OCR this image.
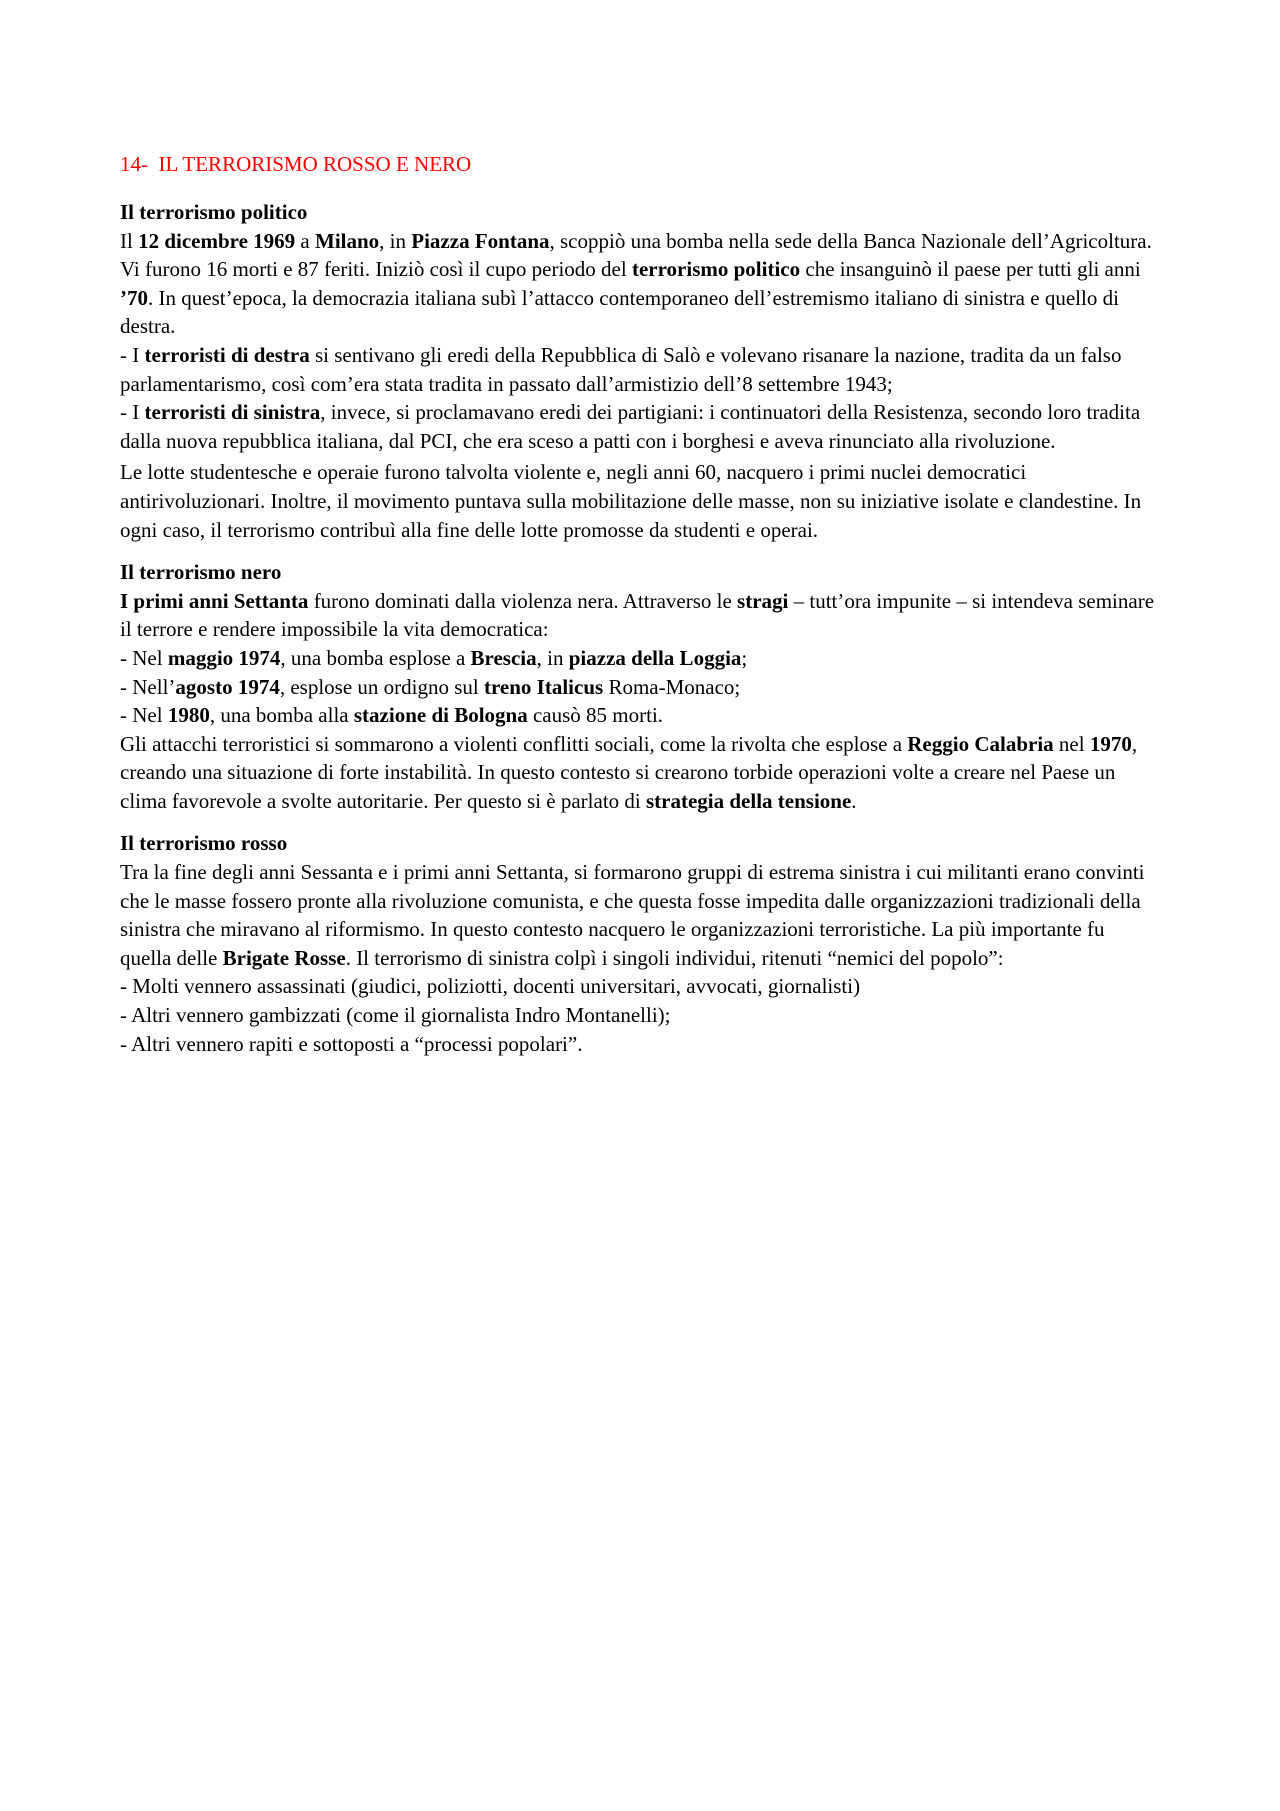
14-  IL TERRORISMO ROSSO E NERO
Il terrorismo politico
Il 12 dicembre 1969 a Milano, in Piazza Fontana, scoppiò una bomba nella sede della Banca Nazionale dell’Agricoltura. Vi furono 16 morti e 87 feriti. Iniziò così il cupo periodo del terrorismo politico che insanguinò il paese per tutti gli anni ’70. In quest’epoca, la democrazia italiana subì l’attacco contemporaneo dell’estremismo italiano di sinistra e quello di destra.
- I terroristi di destra si sentivano gli eredi della Repubblica di Salò e volevano risanare la nazione, tradita da un falso parlamentarismo, così com’era stata tradita in passato dall’armistizio dell’8 settembre 1943;
- I terroristi di sinistra, invece, si proclamavano eredi dei partigiani: i continuatori della Resistenza, secondo loro tradita dalla nuova repubblica italiana, dal PCI, che era sceso a patti con i borghesi e aveva rinunciato alla rivoluzione.
Le lotte studentesche e operaie furono talvolta violente e, negli anni 60, nacquero i primi nuclei democratici antirivoluzionari. Inoltre, il movimento puntava sulla mobilitazione delle masse, non su iniziative isolate e clandestine. In ogni caso, il terrorismo contribuì alla fine delle lotte promosse da studenti e operai.
Il terrorismo nero
I primi anni Settanta furono dominati dalla violenza nera. Attraverso le stragi – tutt’ora impunite – si intendeva seminare il terrore e rendere impossibile la vita democratica:
- Nel maggio 1974, una bomba esplose a Brescia, in piazza della Loggia;
- Nell’agosto 1974, esplose un ordigno sul treno Italicus Roma-Monaco;
- Nel 1980, una bomba alla stazione di Bologna causò 85 morti.
Gli attacchi terroristici si sommarono a violenti conflitti sociali, come la rivolta che esplose a Reggio Calabria nel 1970, creando una situazione di forte instabilità. In questo contesto si crearono torbide operazioni volte a creare nel Paese un clima favorevole a svolte autoritarie. Per questo si è parlato di strategia della tensione.
Il terrorismo rosso
Tra la fine degli anni Sessanta e i primi anni Settanta, si formarono gruppi di estrema sinistra i cui militanti erano convinti che le masse fossero pronte alla rivoluzione comunista, e che questa fosse impedita dalle organizzazioni tradizionali della sinistra che miravano al riformismo. In questo contesto nacquero le organizzazioni terroristiche. La più importante fu quella delle Brigate Rosse. Il terrorismo di sinistra colpì i singoli individui, ritenuti “nemici del popolo”:
- Molti vennero assassinati (giudici, poliziotti, docenti universitari, avvocati, giornalisti)
- Altri vennero gambizzati (come il giornalista Indro Montanelli);
- Altri vennero rapiti e sottoposti a “processi popolari”.
